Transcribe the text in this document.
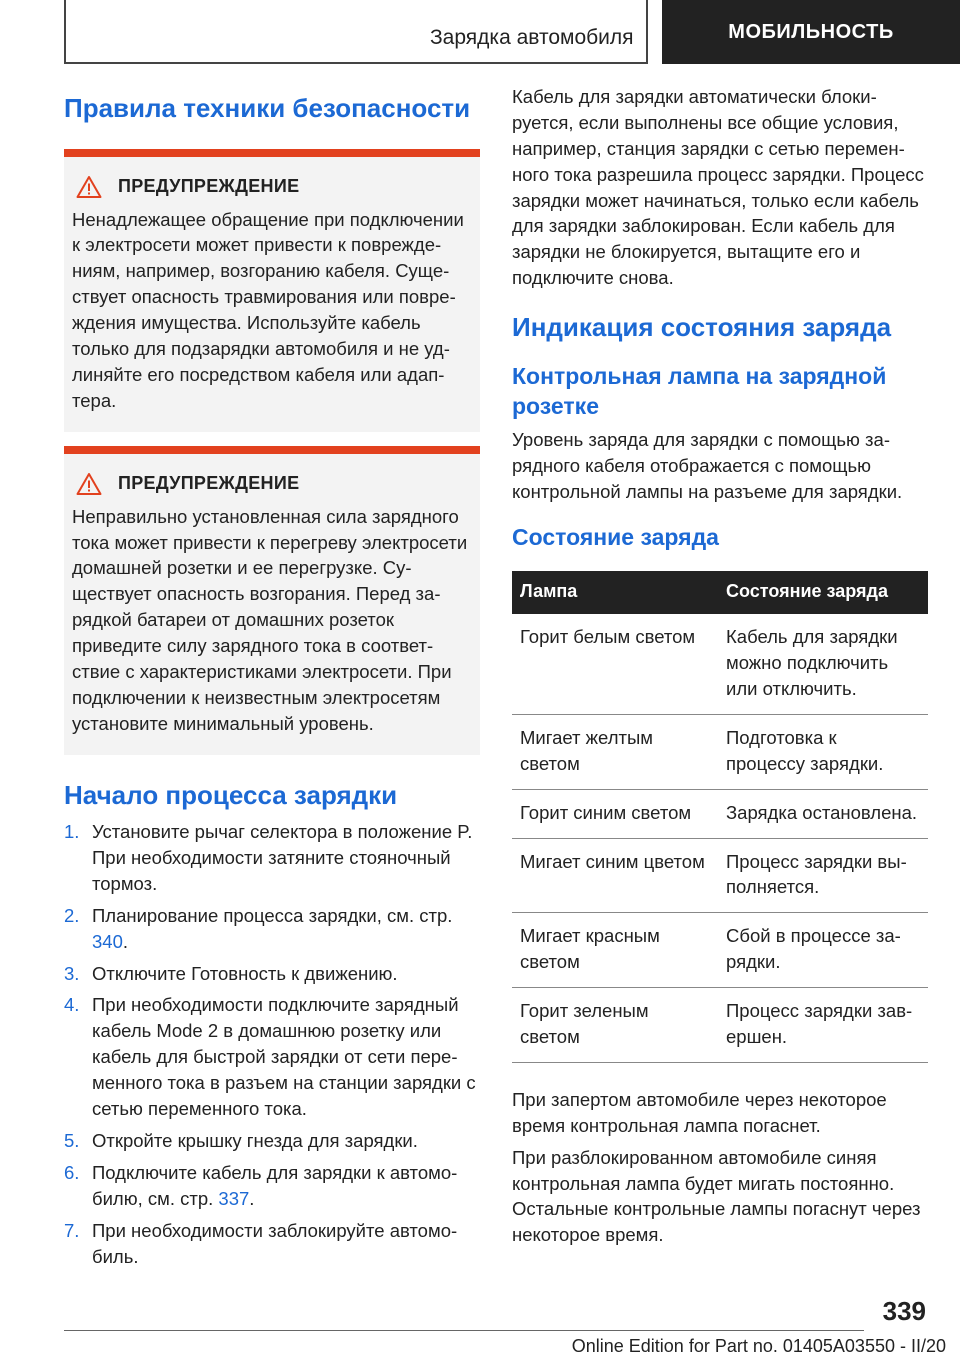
Зарядка автомобиля	МОБИЛЬНОСТЬ
Правила техники безопасности
ПРЕДУПРЕЖДЕНИЕ

Ненадлежащее обращение при подключении к электросети может привести к повреждениям, например, возгоранию кабеля. Существует опасность травмирования или повреждения имущества. Используйте кабель только для подзарядки автомобиля и не удлиняйте его посредством кабеля или адаптера.

ПРЕДУПРЕЖДЕНИЕ

Неправильно установленная сила зарядного тока может привести к перегреву электросети домашней розетки и ее перегрузке. Существует опасность возгорания. Перед зарядкой батареи от домашних розеток приведите силу зарядного тока в соответствие с характеристиками электросети. При подключении к неизвестным электросетям установите минимальный уровень.

Начало процесса зарядки
1. Установите рычаг селектора в положение P. При необходимости затяните стояночный тормоз.
2. Планирование процесса зарядки, см. стр. 340.
3. Отключите Готовность к движению.
4. При необходимости подключите зарядный кабель Mode 2 в домашнюю розетку или кабель для быстрой зарядки от сети переменного тока в разъем на станции зарядки с сетью переменного тока.
5. Откройте крышку гнезда для зарядки.
6. Подключите кабель для зарядки к автомобилю, см. стр. 337.
7. При необходимости заблокируйте автомобиль.

Кабель для зарядки автоматически блокируется, если выполнены все общие условия, например, станция зарядки с сетью переменного тока разрешила процесс зарядки. Процесс зарядки может начинаться, только если кабель для зарядки заблокирован. Если кабель для зарядки не блокируется, вытащите его и подключите снова.

Индикация состояния заряда
Контрольная лампа на зарядной розетке

Уровень заряда для зарядки с помощью зарядного кабеля отображается с помощью контрольной лампы на разъеме для зарядки.

Состояние заряда
Лампа	Состояние заряда
Горит белым светом	Кабель для зарядки можно подключить или отключить.
Мигает желтым светом	Подготовка к процессу зарядки.
Горит синим светом	Зарядка остановлена.
Мигает синим цветом	Процесс зарядки выполняется.
Мигает красным светом	Сбой в процессе зарядки.
Горит зеленым светом	Процесс зарядки завершен.

При запертом автомобиле через некоторое время контрольная лампа погаснет.

При разблокированном автомобиле синяя контрольная лампа будет мигать постоянно. Остальные контрольные лампы погаснут через некоторое время.

339
Online Edition for Part no. 01405A03550 - II/20
